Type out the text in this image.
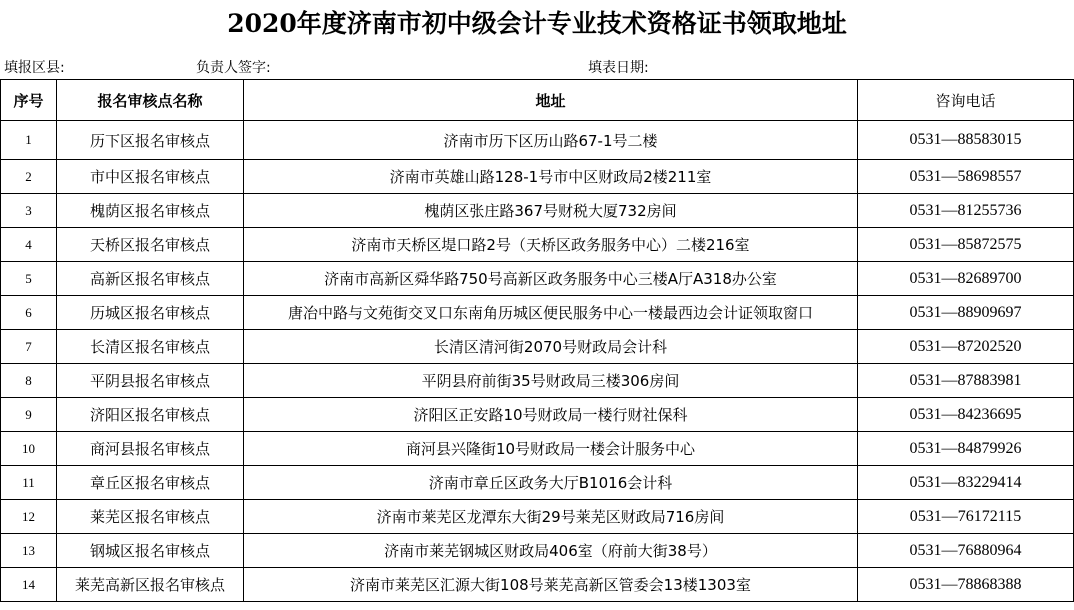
2020年度济南市初中级会计专业技术资格证书领取地址
填报区县:	负责人签字:	填表日期:
序号	报名审核点名称	地址	咨询电话
1	历下区报名审核点	济南市历下区历山路67-1号二楼	0531—88583015
2	市中区报名审核点	济南市英雄山路128-1号市中区财政局2楼211室	0531—58698557
3	槐荫区报名审核点	槐荫区张庄路367号财税大厦732房间	0531—81255736
4	天桥区报名审核点	济南市天桥区堤口路2号（天桥区政务服务中心）二楼216室	0531—85872575
5	高新区报名审核点	济南市高新区舜华路750号高新区政务服务中心三楼A厅A318办公室	0531—82689700
6	历城区报名审核点	唐冶中路与文苑街交叉口东南角历城区便民服务中心一楼最西边会计证领取窗口	0531—88909697
7	长清区报名审核点	长清区清河街2070号财政局会计科	0531—87202520
8	平阴县报名审核点	平阴县府前街35号财政局三楼306房间	0531—87883981
9	济阳区报名审核点	济阳区正安路10号财政局一楼行财社保科	0531—84236695
10	商河县报名审核点	商河县兴隆街10号财政局一楼会计服务中心	0531—84879926
11	章丘区报名审核点	济南市章丘区政务大厅B1016会计科	0531—83229414
12	莱芜区报名审核点	济南市莱芜区龙潭东大街29号莱芜区财政局716房间	0531—76172115
13	钢城区报名审核点	济南市莱芜钢城区财政局406室（府前大街38号）	0531—76880964
14	莱芜高新区报名审核点	济南市莱芜区汇源大街108号莱芜高新区管委会13楼1303室	0531—78868388
